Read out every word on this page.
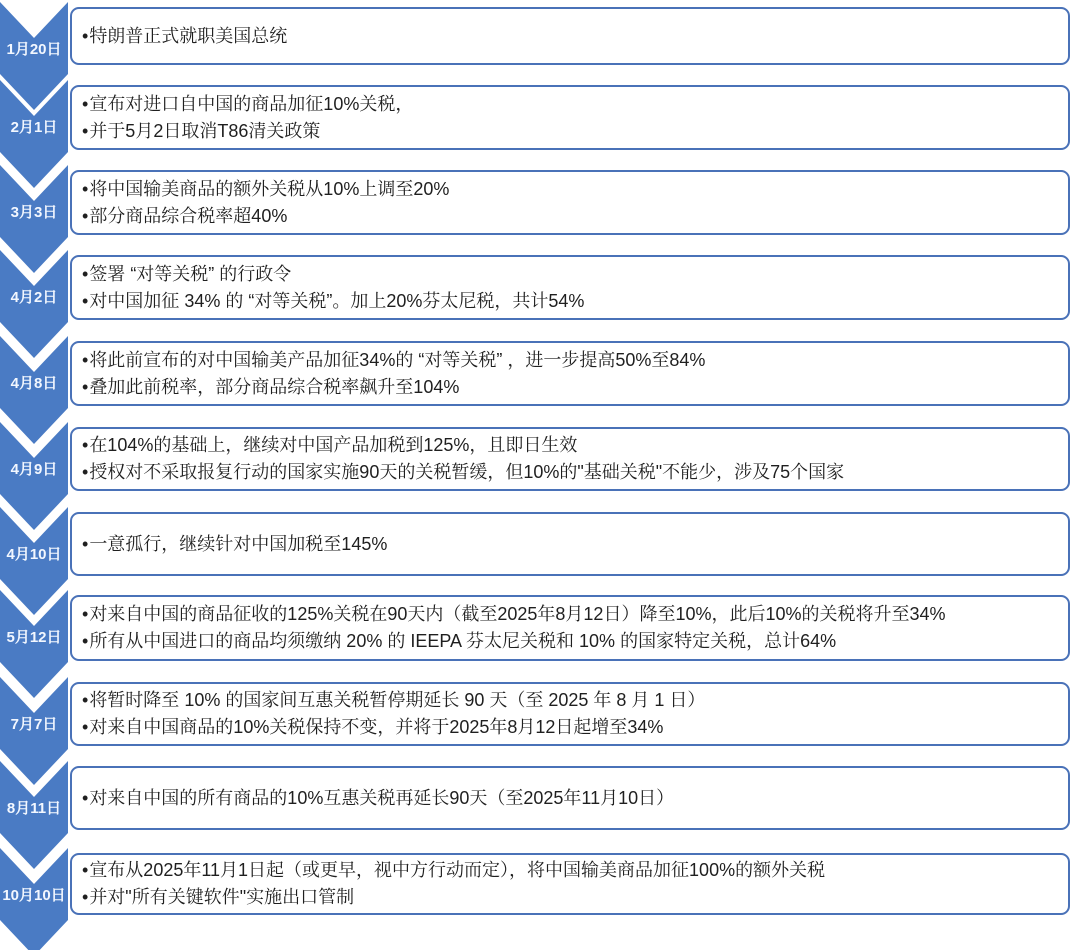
1月20日
•特朗普正式就职美国总统
2月1日
•宣布对进口自中国的商品加征10%关税，
•并于5月2日取消T86清关政策
3月3日
•将中国输美商品的额外关税从10%上调至20%
•部分商品综合税率超40%
4月2日
•签署 “对等关税” 的行政令
•对中国加征 34% 的 “对等关税”。加上20%芬太尼税，共计54%
4月8日
•将此前宣布的对中国输美产品加征34%的 “对等关税” ，进一步提高50%至84%
•叠加此前税率，部分商品综合税率飙升至104%
4月9日
•在104%的基础上，继续对中国产品加税到125%，且即日生效
•授权对不采取报复行动的国家实施90天的关税暂缓，但10%的"基础关税"不能少，涉及75个国家
4月10日
•一意孤行，继续针对中国加税至145%
5月12日
•对来自中国的商品征收的125%关税在90天内（截至2025年8月12日）降至10%，此后10%的关税将升至34%
•所有从中国进口的商品均须缴纳 20% 的 IEEPA 芬太尼关税和 10% 的国家特定关税，总计64%
7月7日
•将暂时降至 10% 的国家间互惠关税暂停期延长 90 天（至 2025 年 8 月 1 日）
•对来自中国商品的10%关税保持不变，并将于2025年8月12日起增至34%
8月11日
•对来自中国的所有商品的10%互惠关税再延长90天（至2025年11月10日）
10月10日
•宣布从2025年11月1日起（或更早，视中方行动而定），将中国输美商品加征100%的额外关税
•并对"所有关键软件"实施出口管制
